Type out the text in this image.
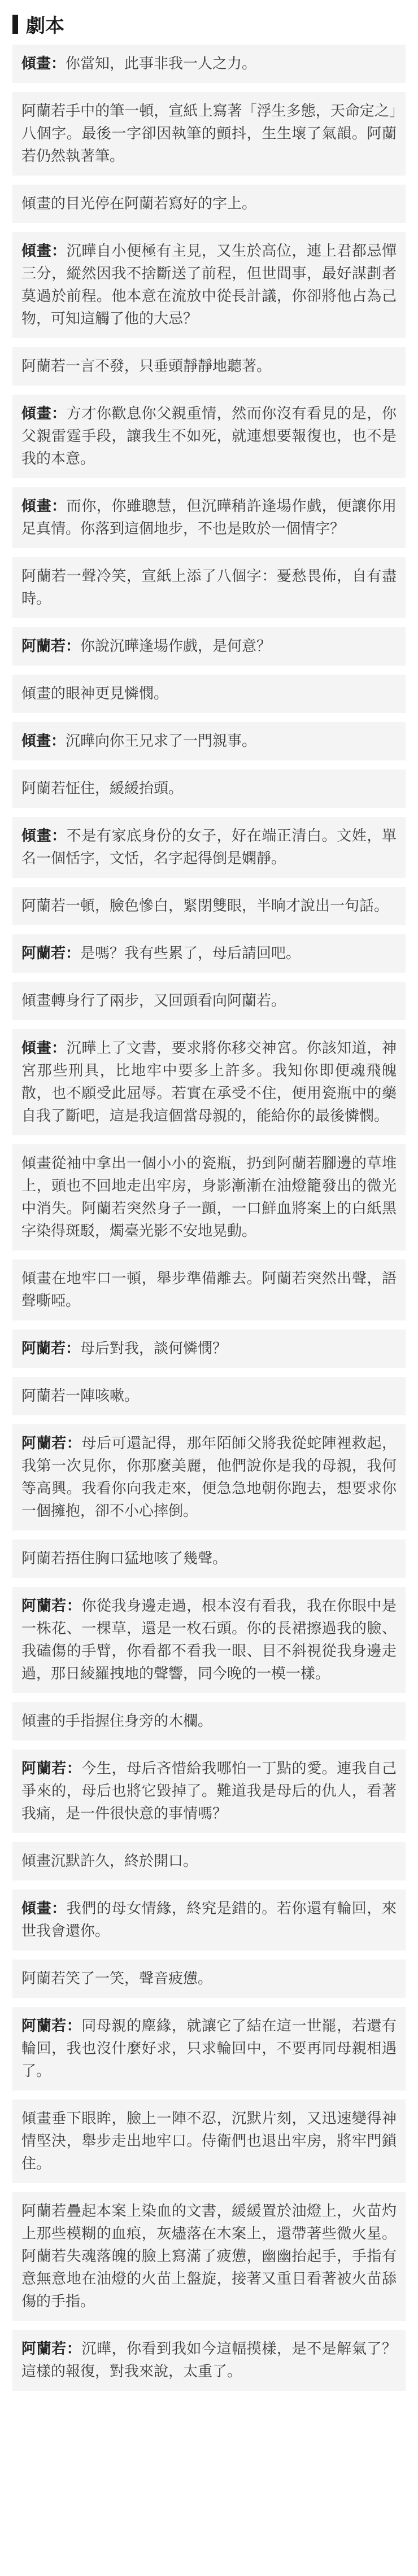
劇本
傾畫：你當知，此事非我一人之力。
阿蘭若手中的筆一頓，宣紙上寫著「浮生多態，天命定之」八個字。最後一字卻因執筆的顫抖，生生壞了氣韻。阿蘭若仍然執著筆。
傾畫的目光停在阿蘭若寫好的字上。
傾畫：沉曄自小便極有主見，又生於高位，連上君都忌憚三分，縱然因我不捨斷送了前程，但世間事，最好謀劃者莫過於前程。他本意在流放中從長計議，你卻將他占為己物，可知這觸了他的大忌？
阿蘭若一言不發，只垂頭靜靜地聽著。
傾畫：方才你歡息你父親重情，然而你沒有看見的是，你父親雷霆手段，讓我生不如死，就連想要報復也，也不是我的本意。
傾畫：而你，你雖聰慧，但沉曄稍許逢場作戲，便讓你用足真情。你落到這個地步，不也是敗於一個情字？
阿蘭若一聲冷笑，宣紙上添了八個字：憂愁畏佈，自有盡時。
阿蘭若：你說沉曄逢場作戲，是何意？
傾畫的眼神更見憐憫。
傾畫：沉曄向你王兄求了一門親事。
阿蘭若怔住，緩緩抬頭。
傾畫：不是有家底身份的女子，好在端正清白。文姓，單名一個恬字，文恬，名字起得倒是嫻靜。
阿蘭若一頓，臉色慘白，緊閉雙眼，半晌才說出一句話。
阿蘭若：是嗎？我有些累了，母后請回吧。
傾畫轉身行了兩步，又回頭看向阿蘭若。
傾畫：沉曄上了文書，要求將你移交神宮。你該知道，神宮那些刑具，比地牢中要多上許多。我知你即便魂飛魄散，也不願受此屈辱。若實在承受不住，便用瓷瓶中的藥自我了斷吧，這是我這個當母親的，能給你的最後憐憫。
傾畫從袖中拿出一個小小的瓷瓶，扔到阿蘭若腳邊的草堆上，頭也不回地走出牢房，身影漸漸在油燈籠發出的微光中消失。阿蘭若突然身子一顫，一口鮮血將案上的白紙黑字染得斑駁，燭臺光影不安地晃動。
傾畫在地牢口一頓，舉步準備離去。阿蘭若突然出聲，語聲嘶啞。
阿蘭若：母后對我，談何憐憫？
阿蘭若一陣咳嗽。
阿蘭若：母后可還記得，那年陌師父將我從蛇陣裡救起，我第一次見你，你那麼美麗，他們說你是我的母親，我何等高興。我看你向我走來，便急急地朝你跑去，想要求你一個擁抱，卻不小心摔倒。
阿蘭若捂住胸口猛地咳了幾聲。
阿蘭若：你從我身邊走過，根本沒有看我，我在你眼中是一株花、一棵草，還是一枚石頭。你的長裙擦過我的臉、我磕傷的手臂，你看都不看我一眼、目不斜視從我身邊走過，那日綾羅拽地的聲響，同今晚的一模一樣。
傾畫的手指握住身旁的木欄。
阿蘭若：今生，母后吝惜給我哪怕一丁點的愛。連我自己爭來的，母后也將它毀掉了。難道我是母后的仇人，看著我痛，是一件很快意的事情嗎？
傾畫沉默許久，終於開口。
傾畫：我們的母女情緣，終究是錯的。若你還有輪回，來世我會還你。
阿蘭若笑了一笑，聲音疲憊。
阿蘭若：同母親的塵緣，就讓它了結在這一世罷，若還有輪回，我也沒什麼好求，只求輪回中，不要再同母親相遇了。
傾畫垂下眼眸，臉上一陣不忍，沉默片刻，又迅速變得神情堅決，舉步走出地牢口。侍衛們也退出牢房，將牢門鎖住。
阿蘭若疊起本案上染血的文書，緩緩置於油燈上，火苗灼上那些模糊的血痕，灰燼落在木案上，還帶著些微火星。阿蘭若失魂落魄的臉上寫滿了疲憊，幽幽抬起手，手指有意無意地在油燈的火苗上盤旋，接著又重目看著被火苗舔傷的手指。
阿蘭若：沉曄，你看到我如今這幅摸樣，是不是解氣了？這樣的報復，對我來說，太重了。
